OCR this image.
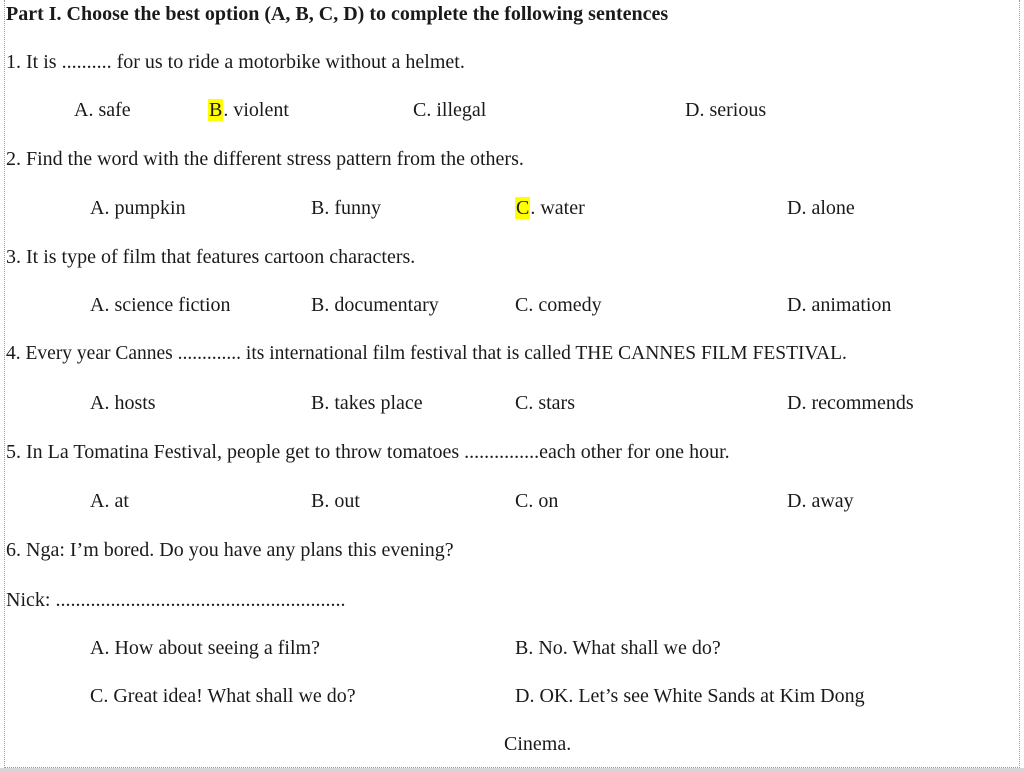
Part I. Choose the best option (A, B, C, D) to complete the following sentences
1. It is .......... for us to ride a motorbike without a helmet.
A. safe	B. violent	C. illegal	D. serious
2. Find the word with the different stress pattern from the others.
A. pumpkin	B. funny	C. water	D. alone
3. It is type of film that features cartoon characters.
A. science fiction	B. documentary	C. comedy	D. animation
4. Every year Cannes ............. its international film festival that is called THE CANNES FILM FESTIVAL.
A. hosts	B. takes place	C. stars	D. recommends
5. In La Tomatina Festival, people get to throw tomatoes ...............each other for one hour.
A. at	B. out	C. on	D. away
6. Nga: I’m bored. Do you have any plans this evening?
Nick: ..........................................................
A. How about seeing a film?	B. No. What shall we do?
C. Great idea! What shall we do?	D. OK. Let’s see White Sands at Kim Dong
Cinema.
